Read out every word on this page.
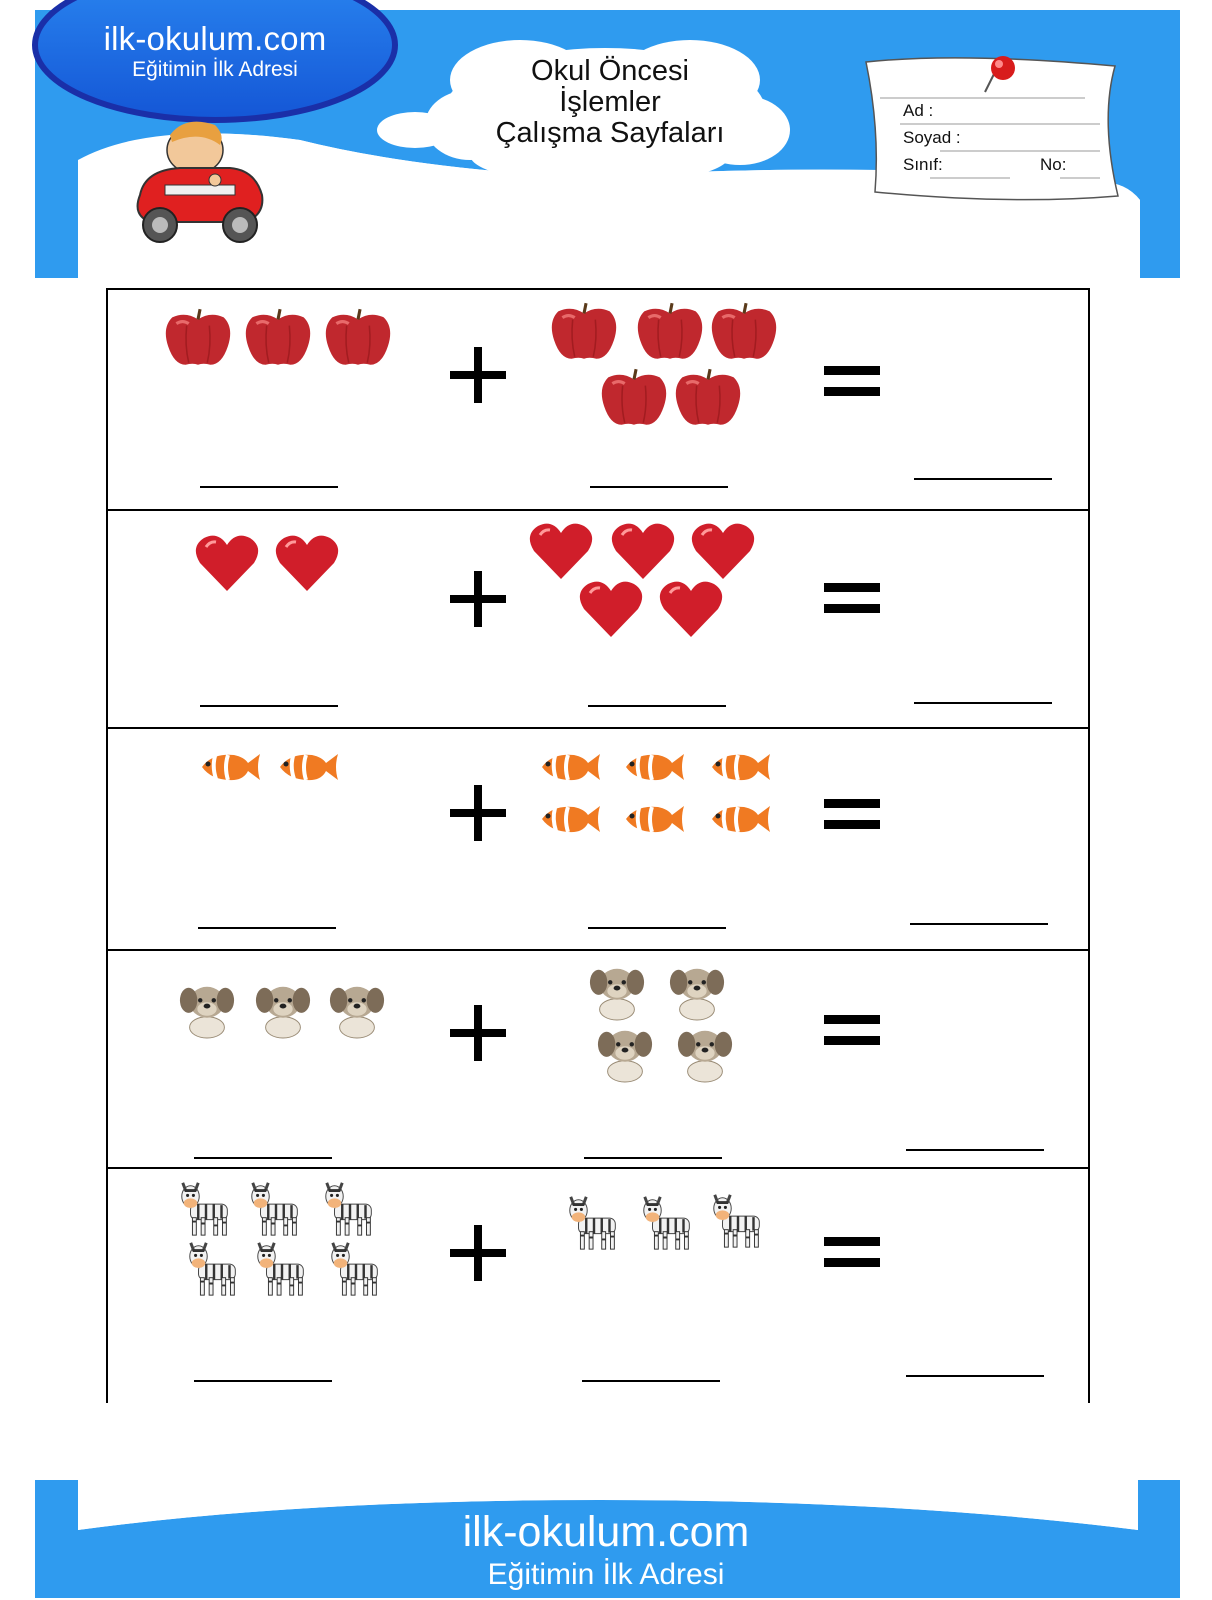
ilk-okulum.com
Eğitimin İlk Adresi	Okul Öncesi
İşlemler
Çalışma Sayfaları
Ad :
Soyad :
Sınıf:	No:
ilk-okulum.com
Eğitimin İlk Adresi
